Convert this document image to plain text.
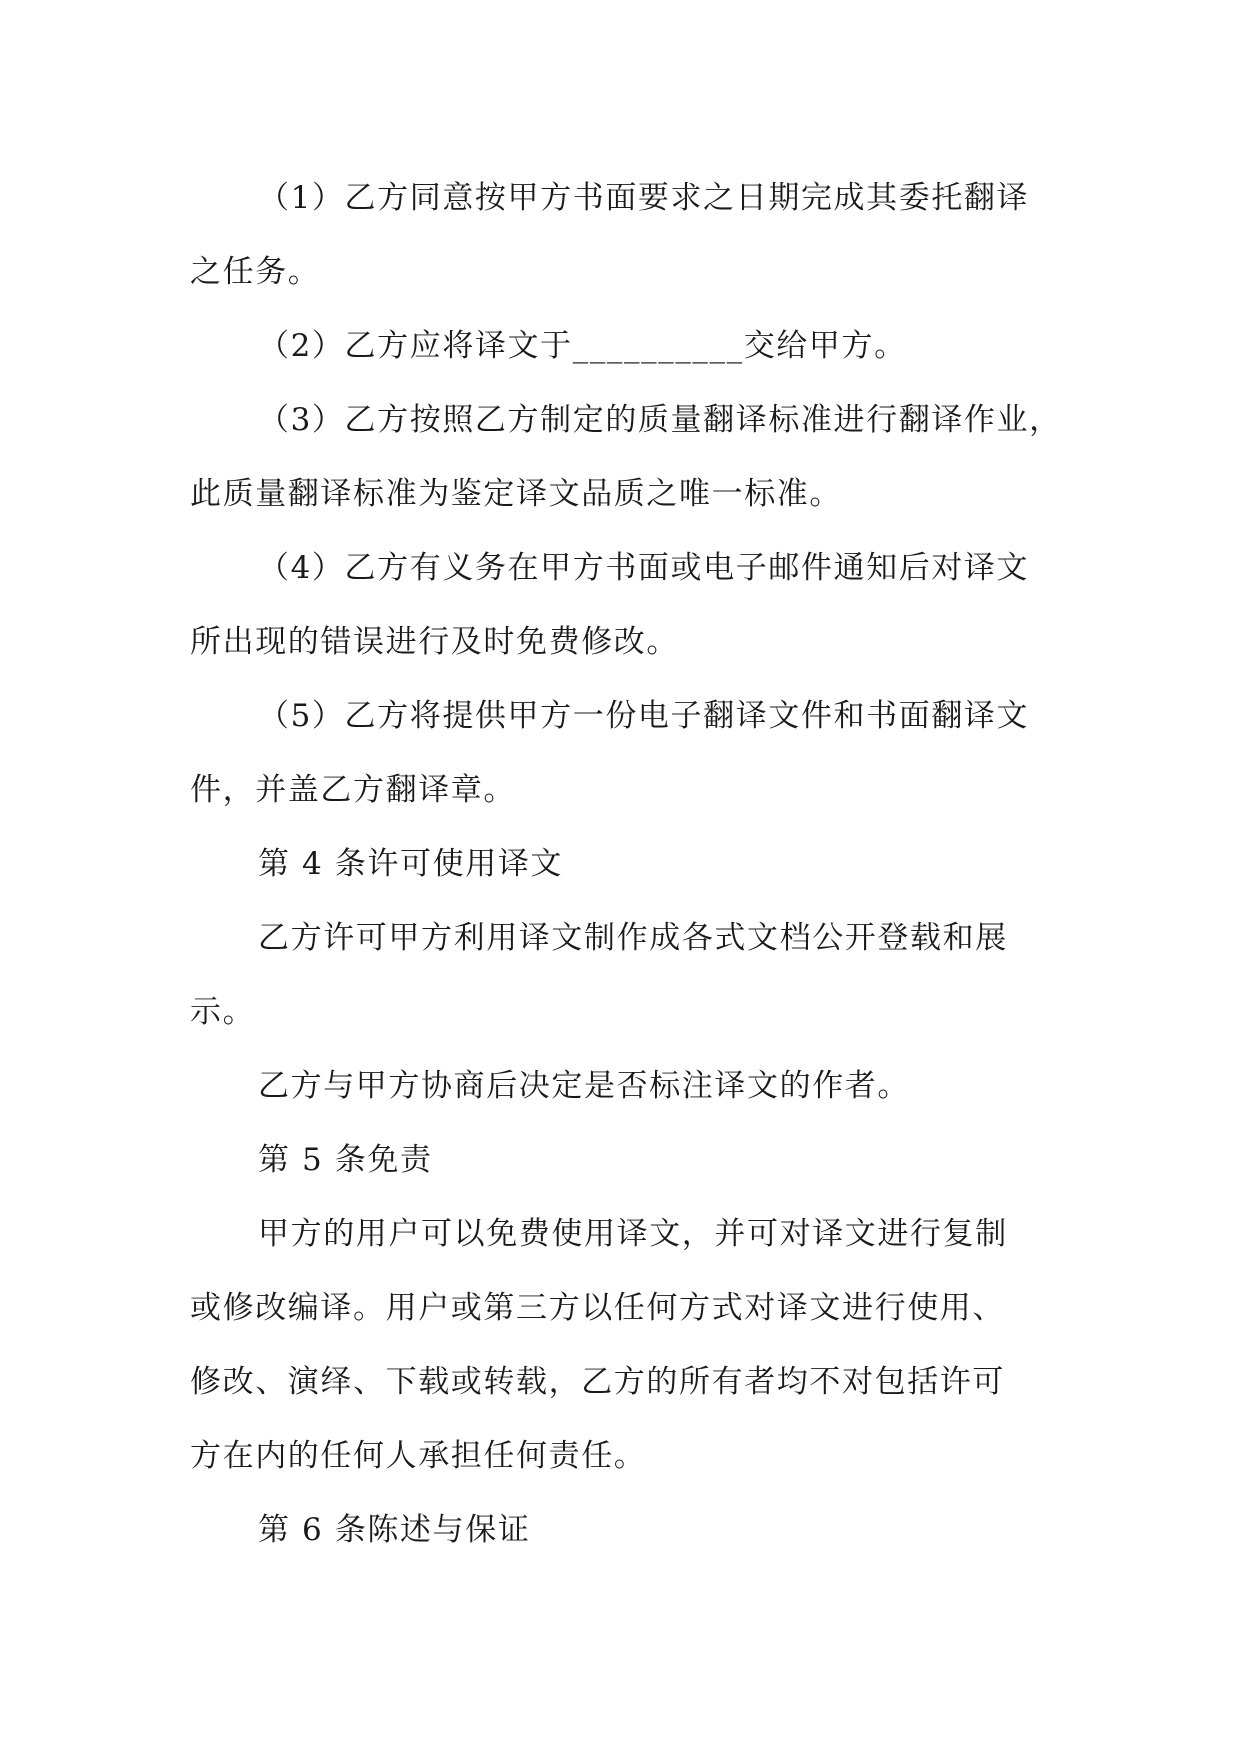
（1）乙方同意按甲方书面要求之日期完成其委托翻译
之任务。
（2）乙方应将译文于__________交给甲方。
（3）乙方按照乙方制定的质量翻译标准进行翻译作业，
此质量翻译标准为鉴定译文品质之唯一标准。
（4）乙方有义务在甲方书面或电子邮件通知后对译文
所出现的错误进行及时免费修改。
（5）乙方将提供甲方一份电子翻译文件和书面翻译文
件，并盖乙方翻译章。
第 4 条许可使用译文
乙方许可甲方利用译文制作成各式文档公开登载和展
示。
乙方与甲方协商后决定是否标注译文的作者。
第 5 条免责
甲方的用户可以免费使用译文，并可对译文进行复制
或修改编译。用户或第三方以任何方式对译文进行使用、
修改、演绎、下载或转载，乙方的所有者均不对包括许可
方在内的任何人承担任何责任。
第 6 条陈述与保证
